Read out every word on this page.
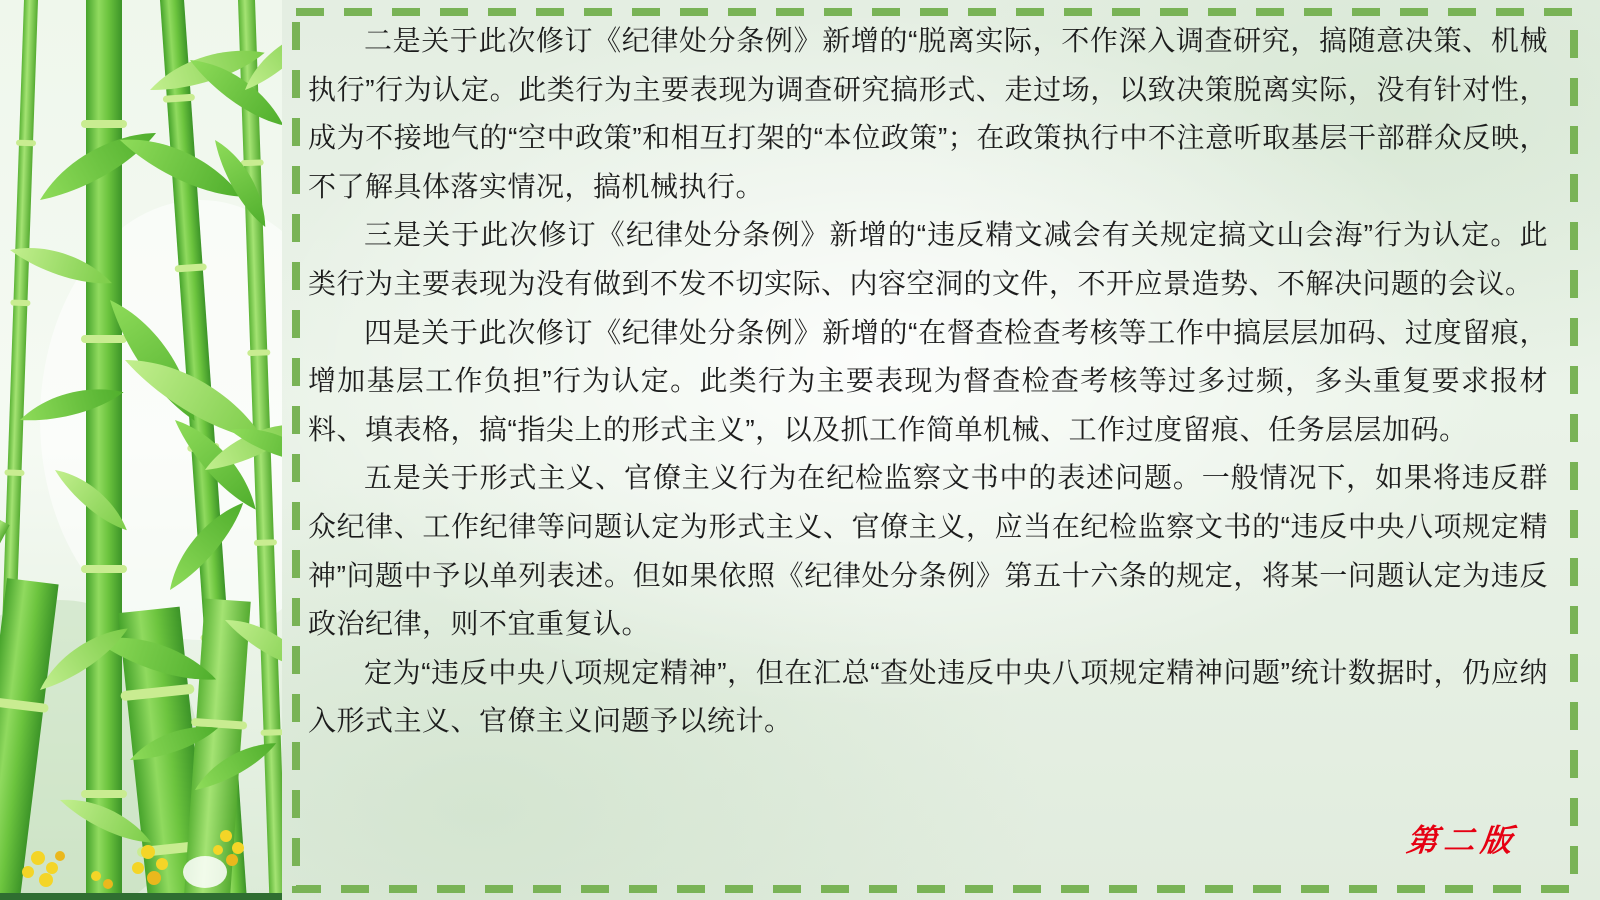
二是关于此次修订《纪律处分条例》新增的“脱离实际，不作深入调查研究，搞随意决策、机械执行”行为认定。此类行为主要表现为调查研究搞形式、走过场，以致决策脱离实际，没有针对性，成为不接地气的“空中政策”和相互打架的“本位政策”；在政策执行中不注意听取基层干部群众反映，不了解具体落实情况，搞机械执行。

三是关于此次修订《纪律处分条例》新增的“违反精文减会有关规定搞文山会海”行为认定。此类行为主要表现为没有做到不发不切实际、内容空洞的文件，不开应景造势、不解决问题的会议。

四是关于此次修订《纪律处分条例》新增的“在督查检查考核等工作中搞层层加码、过度留痕，增加基层工作负担”行为认定。此类行为主要表现为督查检查考核等过多过频，多头重复要求报材料、填表格，搞“指尖上的形式主义”，以及抓工作简单机械、工作过度留痕、任务层层加码。

五是关于形式主义、官僚主义行为在纪检监察文书中的表述问题。一般情况下，如果将违反群众纪律、工作纪律等问题认定为形式主义、官僚主义，应当在纪检监察文书的“违反中央八项规定精神”问题中予以单列表述。但如果依照《纪律处分条例》第五十六条的规定，将某一问题认定为违反政治纪律，则不宜重复认。

定为“违反中央八项规定精神”，但在汇总“查处违反中央八项规定精神问题”统计数据时，仍应纳入形式主义、官僚主义问题予以统计。

第二版
